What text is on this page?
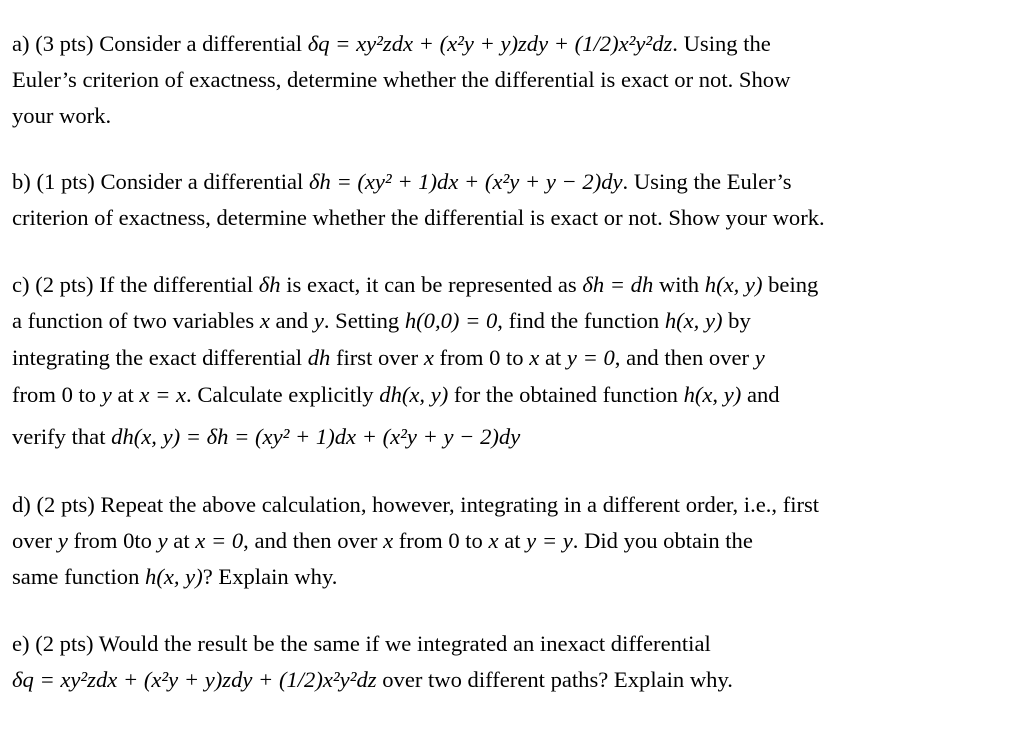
a) (3 pts) Consider a differential δq = xy²zdx + (x²y + y)zdy + (1/2)x²y²dz. Using the
Euler’s criterion of exactness, determine whether the differential is exact or not. Show
your work.
b) (1 pts) Consider a differential δh = (xy² + 1)dx + (x²y + y − 2)dy. Using the Euler’s
criterion of exactness, determine whether the differential is exact or not. Show your work.
c) (2 pts) If the differential δh is exact, it can be represented as δh = dh with h(x, y) being
a function of two variables x and y. Setting h(0,0) = 0, find the function h(x, y) by
integrating the exact differential dh first over x from 0 to x at y = 0, and then over y
from 0 to y at x = x. Calculate explicitly dh(x, y) for the obtained function h(x, y) and
verify that dh(x, y) = δh = (xy² + 1)dx + (x²y + y − 2)dy
d) (2 pts) Repeat the above calculation, however, integrating in a different order, i.e., first
over y from 0to y at x = 0, and then over x from 0 to x at y = y. Did you obtain the
same function h(x, y)? Explain why.
e) (2 pts) Would the result be the same if we integrated an inexact differential
δq = xy²zdx + (x²y + y)zdy + (1/2)x²y²dz over two different paths? Explain why.
